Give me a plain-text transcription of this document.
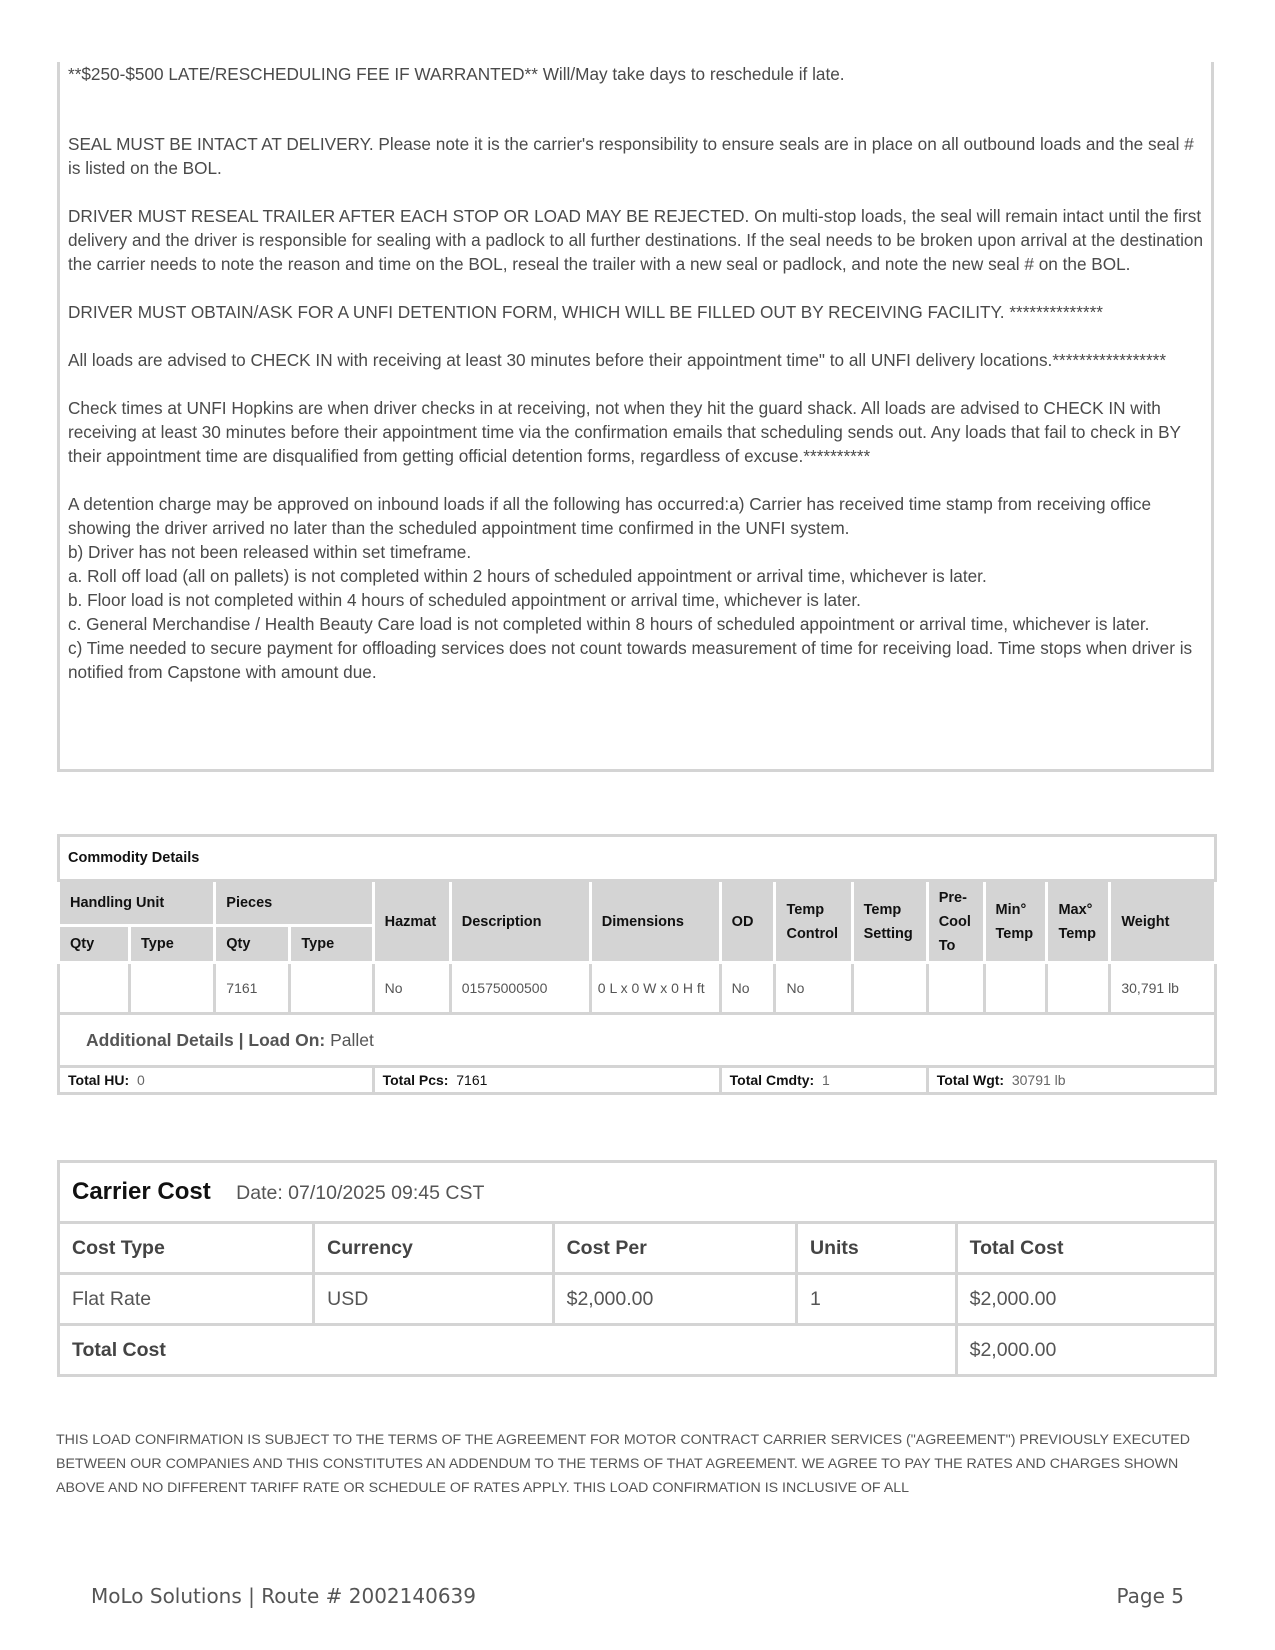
**$250-$500 LATE/RESCHEDULING FEE IF WARRANTED** Will/May take days to reschedule if late.

SEAL MUST BE INTACT AT DELIVERY. Please note it is the carrier's responsibility to ensure seals are in place on all outbound loads and the seal # is listed on the BOL.

DRIVER MUST RESEAL TRAILER AFTER EACH STOP OR LOAD MAY BE REJECTED. On multi-stop loads, the seal will remain intact until the first delivery and the driver is responsible for sealing with a padlock to all further destinations. If the seal needs to be broken upon arrival at the destination the carrier needs to note the reason and time on the BOL, reseal the trailer with a new seal or padlock, and note the new seal # on the BOL.

DRIVER MUST OBTAIN/ASK FOR A UNFI DETENTION FORM, WHICH WILL BE FILLED OUT BY RECEIVING FACILITY. **************

All loads are advised to CHECK IN with receiving at least 30 minutes before their appointment time" to all UNFI delivery locations.*****************

Check times at UNFI Hopkins are when driver checks in at receiving, not when they hit the guard shack. All loads are advised to CHECK IN with receiving at least 30 minutes before their appointment time via the confirmation emails that scheduling sends out. Any loads that fail to check in BY their appointment time are disqualified from getting official detention forms, regardless of excuse.**********

A detention charge may be approved on inbound loads if all the following has occurred:a) Carrier has received time stamp from receiving office showing the driver arrived no later than the scheduled appointment time confirmed in the UNFI system.

b) Driver has not been released within set timeframe.

a. Roll off load (all on pallets) is not completed within 2 hours of scheduled appointment or arrival time, whichever is later.

b. Floor load is not completed within 4 hours of scheduled appointment or arrival time, whichever is later.

c. General Merchandise / Health Beauty Care load is not completed within 8 hours of scheduled appointment or arrival time, whichever is later.

c) Time needed to secure payment for offloading services does not count towards measurement of time for receiving load. Time stops when driver is notified from Capstone with amount due.

Commodity Details													
Handling Unit		Pieces		Hazmat	Description	Dimensions	OD	Temp Control	Temp Setting	Pre-Cool To	Min° Temp	Max° Temp	Weight
Qty	Type	Qty	Type										
		7161		No	01575000500	0 L x 0 W x 0 H ft	No	No					30,791 lb
Additional Details | Load On: Pallet													
Total HU: 0				Total Pcs: 7161			Total Cmdty: 1			Total Wgt: 30791 lb			
Carrier Cost Date: 07/10/2025 09:45 CST				
Cost Type	Currency	Cost Per	Units	Total Cost
Flat Rate	USD	$2,000.00	1	$2,000.00
Total Cost				$2,000.00

THIS LOAD CONFIRMATION IS SUBJECT TO THE TERMS OF THE AGREEMENT FOR MOTOR CONTRACT CARRIER SERVICES ("AGREEMENT") PREVIOUSLY EXECUTED BETWEEN OUR COMPANIES AND THIS CONSTITUTES AN ADDENDUM TO THE TERMS OF THAT AGREEMENT. WE AGREE TO PAY THE RATES AND CHARGES SHOWN ABOVE AND NO DIFFERENT TARIFF RATE OR SCHEDULE OF RATES APPLY. THIS LOAD CONFIRMATION IS INCLUSIVE OF ALL

MoLo Solutions | Route # 2002140639	Page 5
